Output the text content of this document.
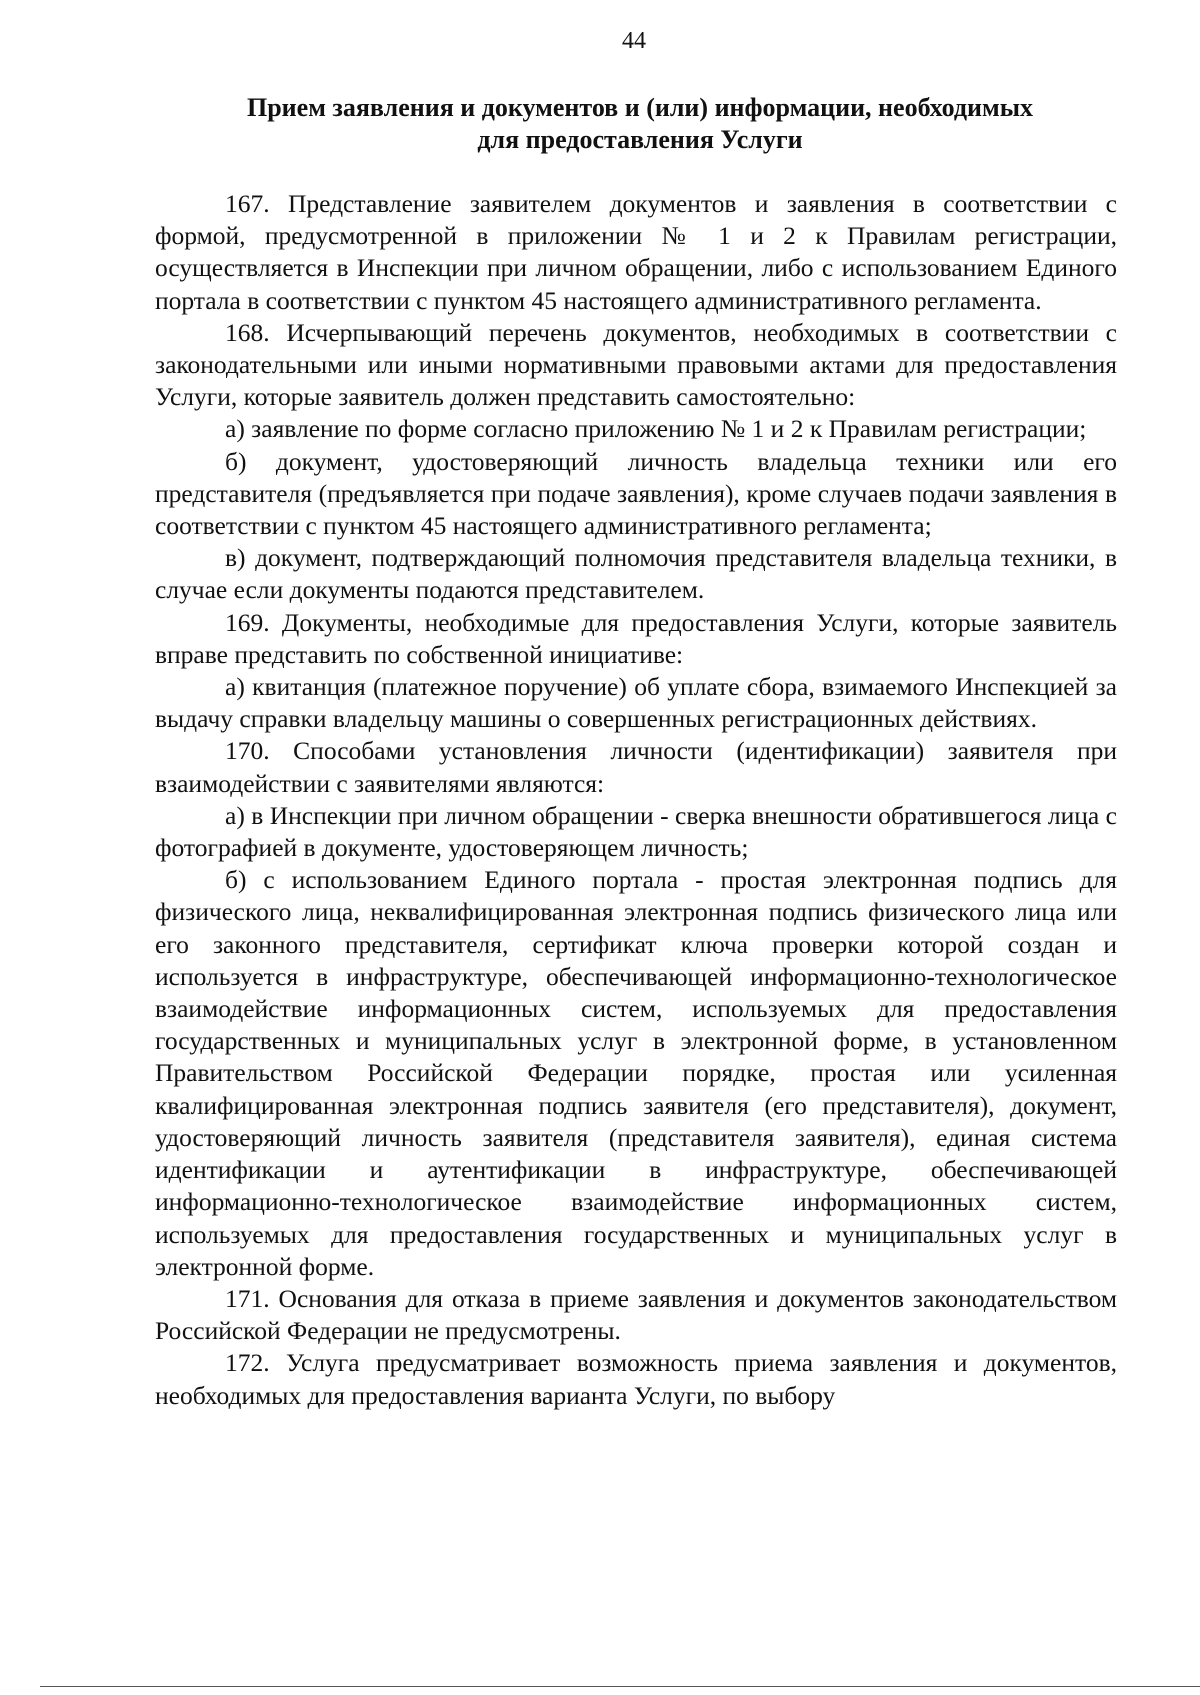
44
Прием заявления и документов и (или) информации, необходимых
для предоставления Услуги

167. Представление заявителем документов и заявления в соответствии с формой, предусмотренной в приложении № 1 и 2 к Правилам регистрации, осуществляется в Инспекции при личном обращении, либо с использованием Единого портала в соответствии с пунктом 45 настоящего административного регламента.

168. Исчерпывающий перечень документов, необходимых в соответствии с законодательными или иными нормативными правовыми актами для предоставления Услуги, которые заявитель должен представить самостоятельно:

а) заявление по форме согласно приложению № 1 и 2 к Правилам регистрации;

б) документ, удостоверяющий личность владельца техники или его представителя (предъявляется при подаче заявления), кроме случаев подачи заявления в соответствии с пунктом 45 настоящего административного регламента;

в) документ, подтверждающий полномочия представителя владельца техники, в случае если документы подаются представителем.

169. Документы, необходимые для предоставления Услуги, которые заявитель вправе представить по собственной инициативе:

а) квитанция (платежное поручение) об уплате сбора, взимаемого Инспекцией за выдачу справки владельцу машины о совершенных регистрационных действиях.

170. Способами установления личности (идентификации) заявителя при взаимодействии с заявителями являются:

а) в Инспекции при личном обращении - сверка внешности обратившегося лица с фотографией в документе, удостоверяющем личность;

б) с использованием Единого портала - простая электронная подпись для физического лица, неквалифицированная электронная подпись физического лица или его законного представителя, сертификат ключа проверки которой создан и используется в инфраструктуре, обеспечивающей информационно-технологическое взаимодействие информационных систем, используемых для предоставления государственных и муниципальных услуг в электронной форме, в установленном Правительством Российской Федерации порядке, простая или усиленная квалифицированная электронная подпись заявителя (его представителя), документ, удостоверяющий личность заявителя (представителя заявителя), единая система идентификации и аутентификации в инфраструктуре, обеспечивающей информационно-технологическое взаимодействие информационных систем, используемых для предоставления государственных и муниципальных услуг в электронной форме.

171. Основания для отказа в приеме заявления и документов законодательством Российской Федерации не предусмотрены.

172. Услуга предусматривает возможность приема заявления и документов, необходимых для предоставления варианта Услуги, по выбору
